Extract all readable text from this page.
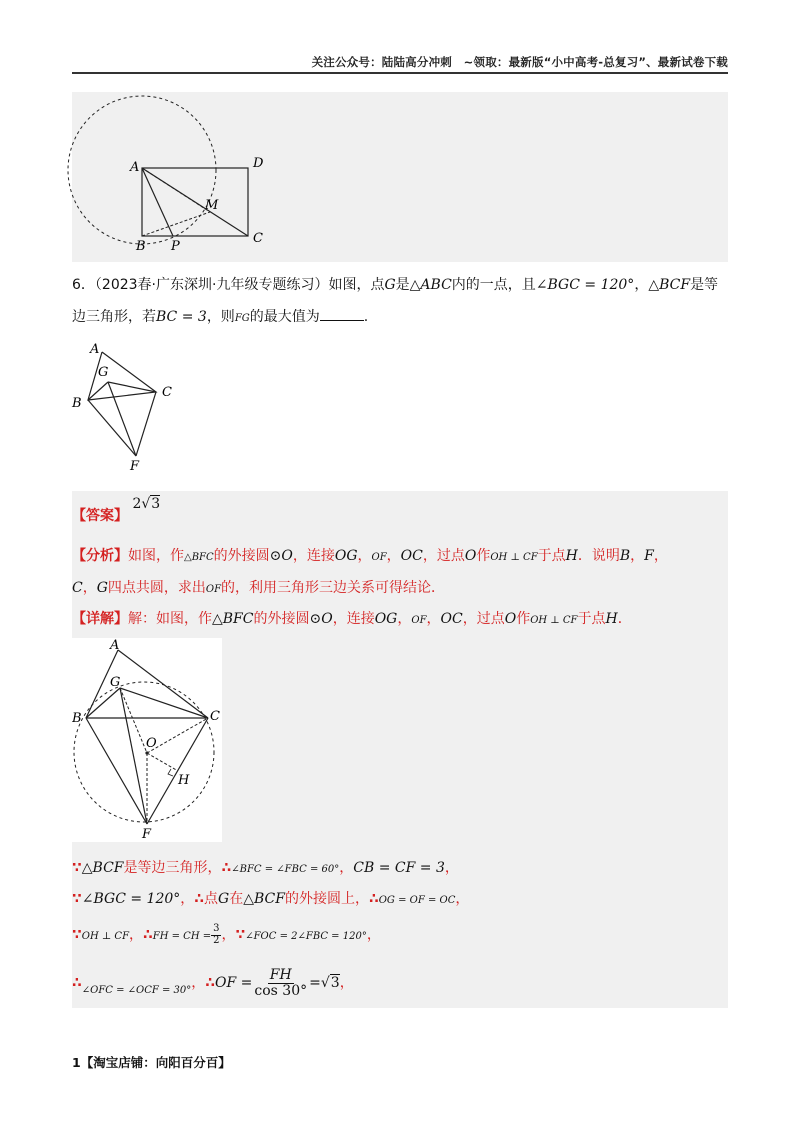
关注公众号：陆陆高分冲刺　~领取：最新版“小中高考-总复习”、最新试卷下载
A	D
M
B P
C
6．（2023春·广东深圳·九年级专题练习）如图，点G是△ABC内的一点，且∠BGC = 120°，△BCF是等
边三角形，若BC = 3，则FG的最大值为	.
A
G
B
C
F
【答案】 2√3
【分析】如图，作△BFC的外接圆⊙O，连接OG，OF，OC，过点O作OH ⊥ CF于点H．说明B，F，
C，G四点共圆，求出OF的，利用三角形三边关系可得结论．
【详解】解：如图，作△BFC的外接圆⊙O，连接OG，OF，OC，过点O作OH ⊥ CF于点H．
A
G
B	C
O
H
F
∵△BCF是等边三角形，∴∠BFC = ∠FBC = 60°，CB = CF = 3，
∵∠BGC = 120°，∴点G在△BCF的外接圆上，∴OG = OF = OC，
∵OH ⊥ CF，∴FH = CH = $\frac{3}{2}$ ，∵∠FOC = 2∠FBC = 120°，
$\therefore_{\angle OFC = \angle OCF = 30^\circ}$，∴OF = $\frac{FH}{\cos 30^\circ} =√3$，
1【淘宝店铺：向阳百分百】
